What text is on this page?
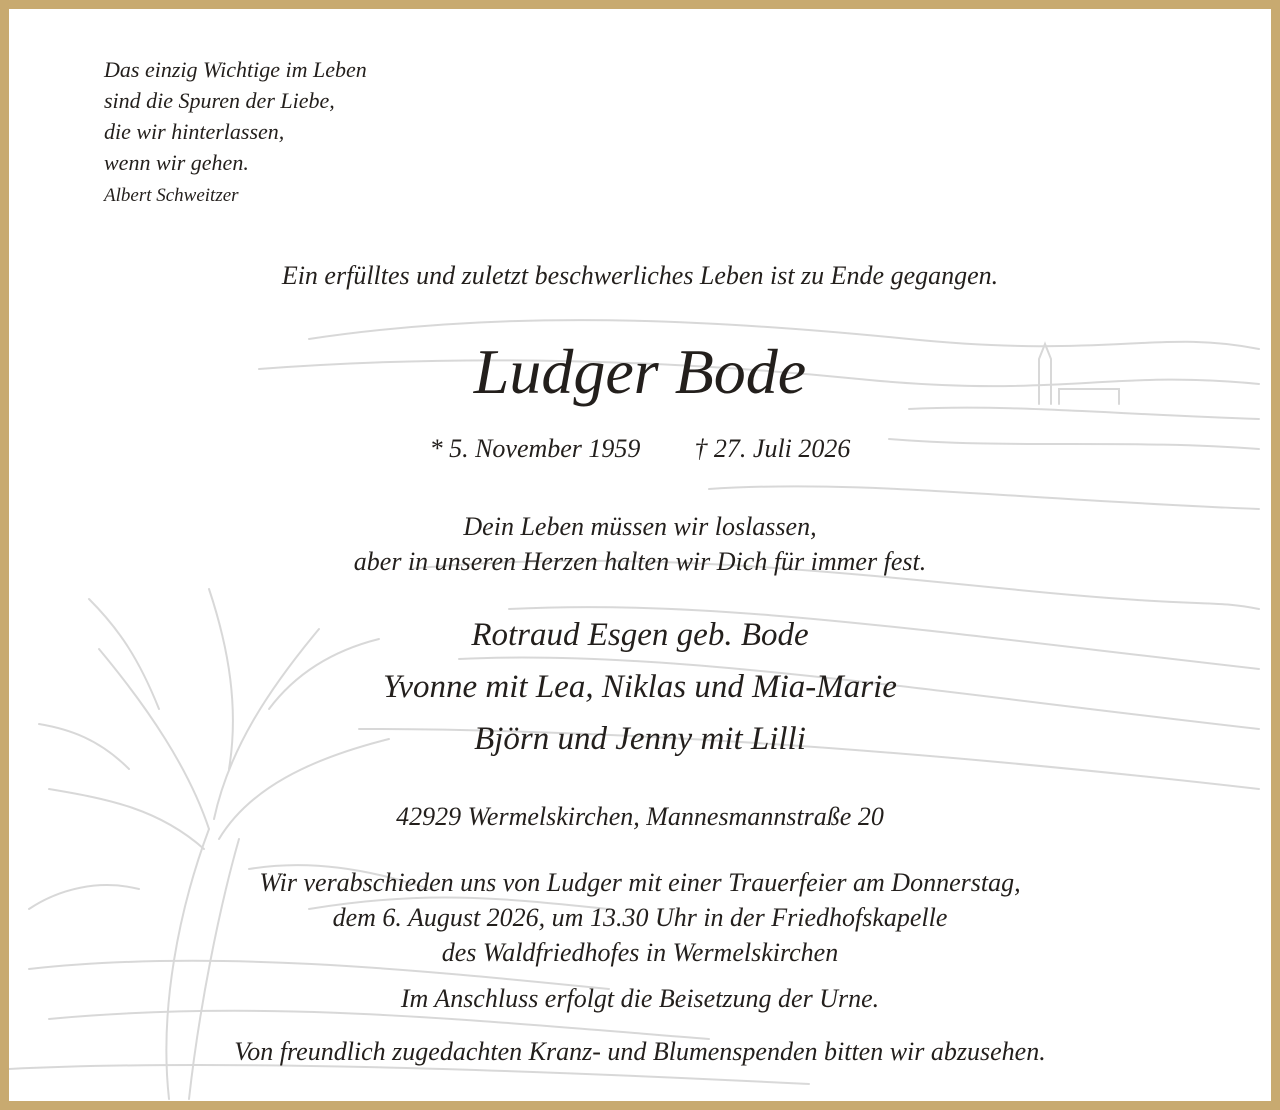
Das einzig Wichtige im Leben
sind die Spuren der Liebe,
die wir hinterlassen,
wenn wir gehen.
Albert Schweitzer
Ein erfülltes und zuletzt beschwerliches Leben ist zu Ende gegangen.
Ludger Bode
* 5. November 1959 † 27. Juli 2026
Dein Leben müssen wir loslassen,
aber in unseren Herzen halten wir Dich für immer fest.
Rotraud Esgen geb. Bode
Yvonne mit Lea, Niklas und Mia-Marie
Björn und Jenny mit Lilli
42929 Wermelskirchen, Mannesmannstraße 20
Wir verabschieden uns von Ludger mit einer Trauerfeier am Donnerstag,
dem 6. August 2026, um 13.30 Uhr in der Friedhofskapelle
des Waldfriedhofes in Wermelskirchen
Im Anschluss erfolgt die Beisetzung der Urne.
Von freundlich zugedachten Kranz- und Blumenspenden bitten wir abzusehen.
